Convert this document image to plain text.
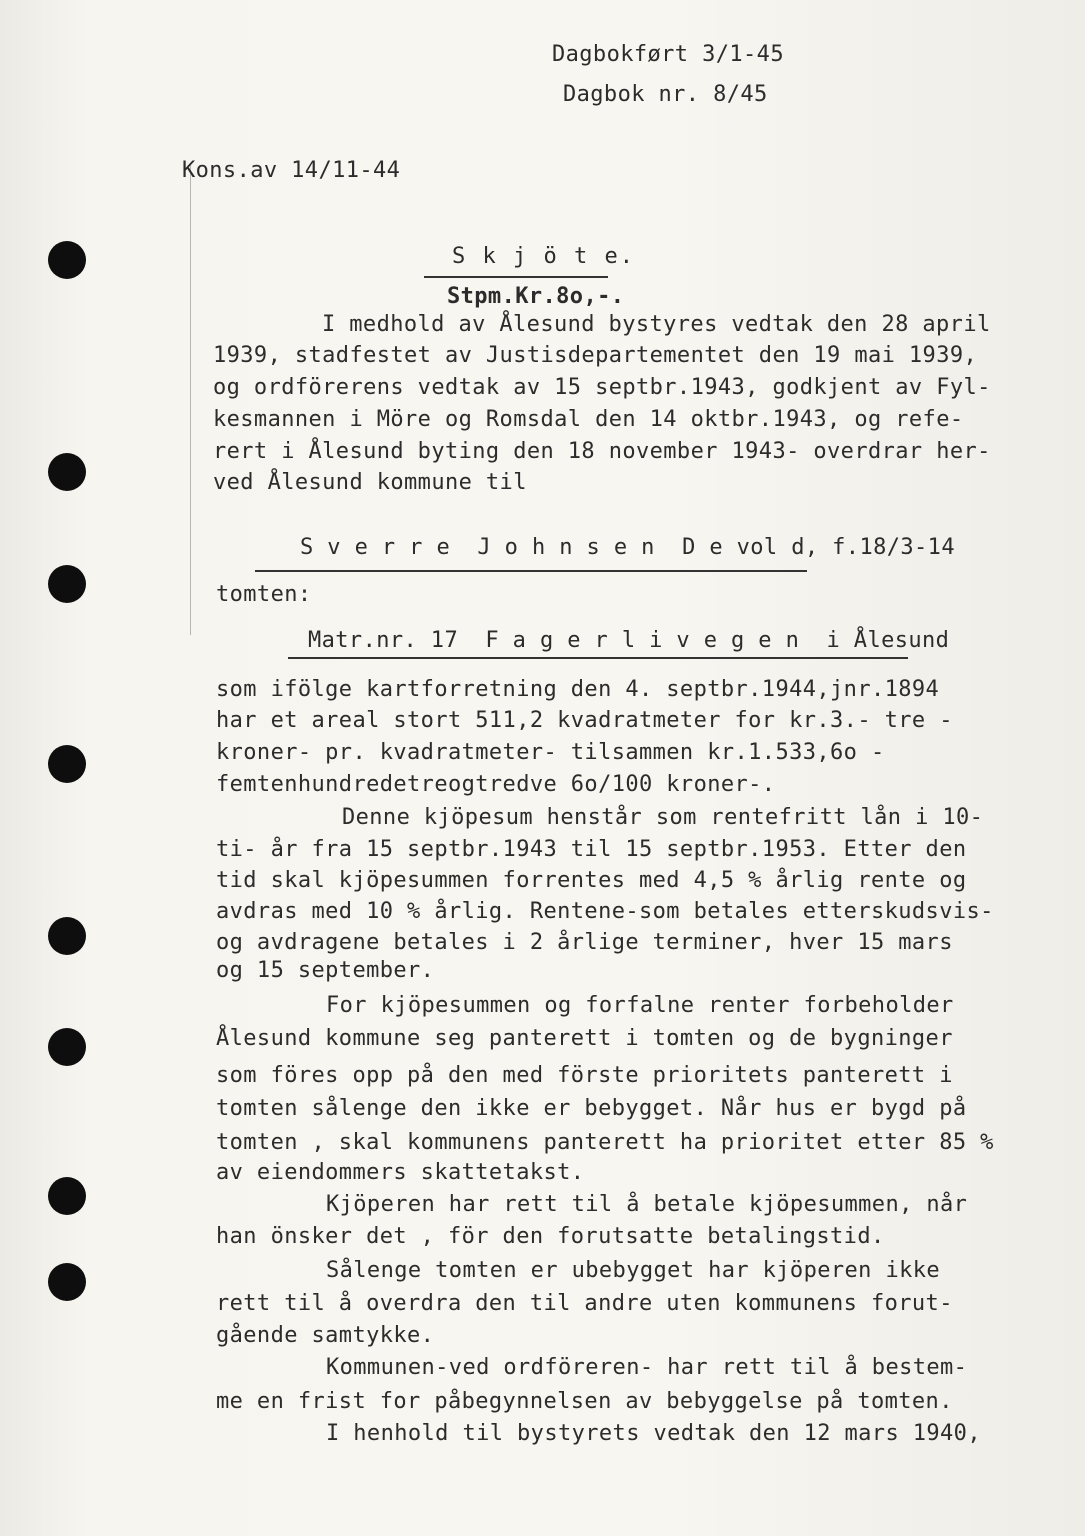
Dagbokført 3/1-45
Dagbok nr. 8/45
Kons.av 14/11-44
S k j ö t e.
Stpm.Kr.8o,-.
I medhold av Ålesund bystyres vedtak den 28 april
1939, stadfestet av Justisdepartementet den 19 mai 1939,
og ordförerens vedtak av 15 septbr.1943, godkjent av Fyl-
kesmannen i Möre og Romsdal den 14 oktbr.1943, og refe-
rert i Ålesund byting den 18 november 1943- overdrar her-
ved Ålesund kommune til
S v e r r e  J o h n s e n  D e vol d, f.18/3-14
tomten:
Matr.nr. 17  F a g e r l i v e g e n  i Ålesund
som ifölge kartforretning den 4. septbr.1944,jnr.1894
har et areal stort 511,2 kvadratmeter for kr.3.- tre -
kroner- pr. kvadratmeter- tilsammen kr.1.533,6o -
femtenhundredetreogtredve 6o/100 kroner-.
Denne kjöpesum henstår som rentefritt lån i 10-
ti- år fra 15 septbr.1943 til 15 septbr.1953. Etter den
tid skal kjöpesummen forrentes med 4,5 % årlig rente og
avdras med 10 % årlig. Rentene-som betales etterskudsvis-
og avdragene betales i 2 årlige terminer, hver 15 mars
og 15 september.
For kjöpesummen og forfalne renter forbeholder
Ålesund kommune seg panterett i tomten og de bygninger
som föres opp på den med förste prioritets panterett i
tomten sålenge den ikke er bebygget. Når hus er bygd på
tomten , skal kommunens panterett ha prioritet etter 85 %
av eiendommers skattetakst.
Kjöperen har rett til å betale kjöpesummen, når
han önsker det , för den forutsatte betalingstid.
Sålenge tomten er ubebygget har kjöperen ikke
rett til å overdra den til andre uten kommunens forut-
gående samtykke.
Kommunen-ved ordföreren- har rett til å bestem-
me en frist for påbegynnelsen av bebyggelse på tomten.
I henhold til bystyrets vedtak den 12 mars 1940,
